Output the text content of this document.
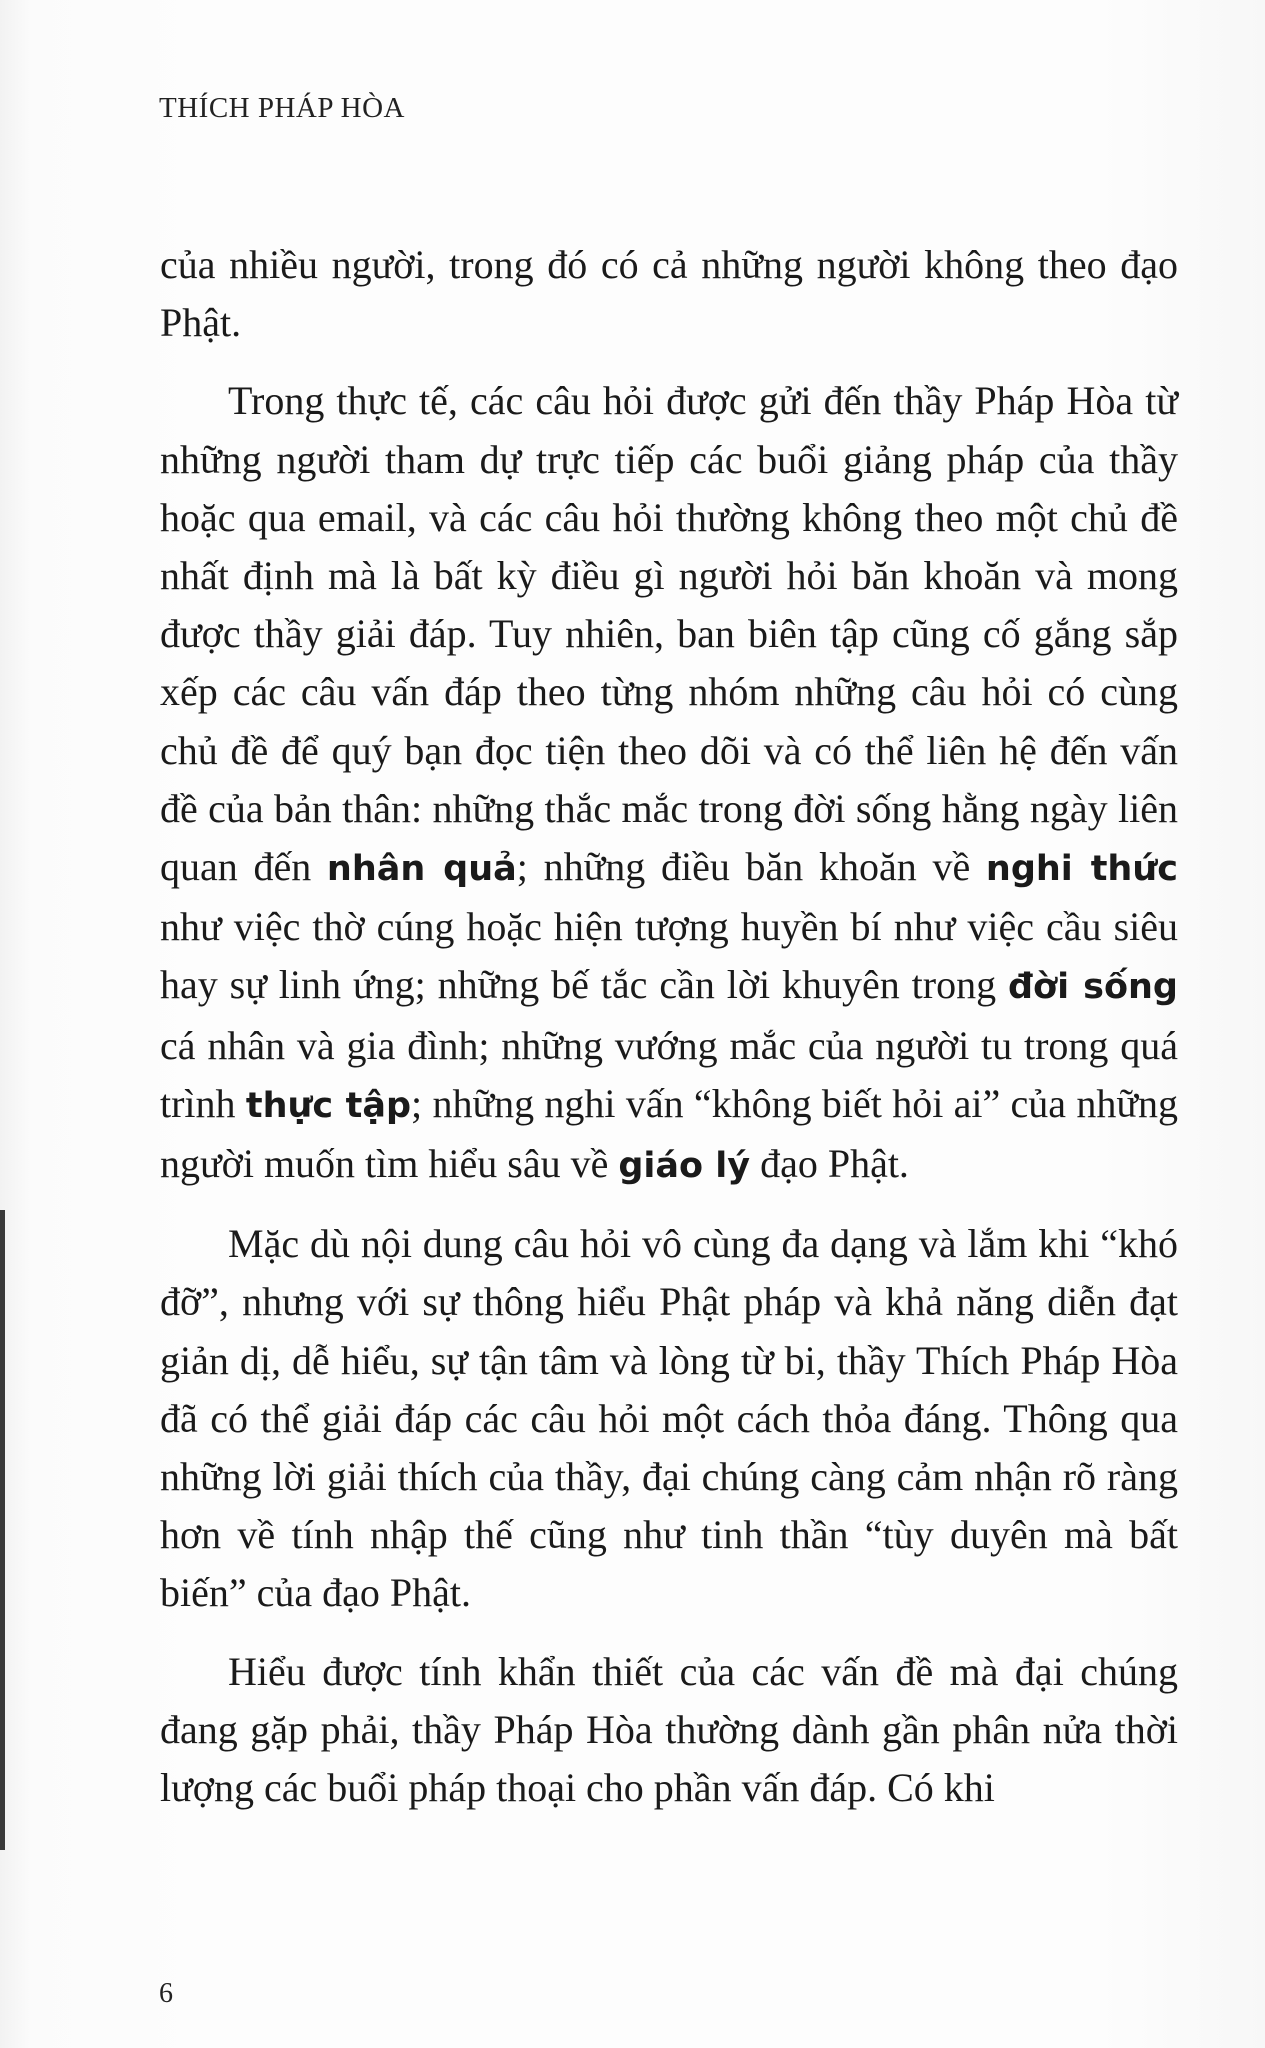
THÍCH PHÁP HÒA

của nhiều người, trong đó có cả những người không theo đạo Phật.

Trong thực tế, các câu hỏi được gửi đến thầy Pháp Hòa từ những người tham dự trực tiếp các buổi giảng pháp của thầy hoặc qua email, và các câu hỏi thường không theo một chủ đề nhất định mà là bất kỳ điều gì người hỏi băn khoăn và mong được thầy giải đáp. Tuy nhiên, ban biên tập cũng cố gắng sắp xếp các câu vấn đáp theo từng nhóm những câu hỏi có cùng chủ đề để quý bạn đọc tiện theo dõi và có thể liên hệ đến vấn đề của bản thân: những thắc mắc trong đời sống hằng ngày liên quan đến nhân quả; những điều băn khoăn về nghi thức như việc thờ cúng hoặc hiện tượng huyền bí như việc cầu siêu hay sự linh ứng; những bế tắc cần lời khuyên trong đời sống cá nhân và gia đình; những vướng mắc của người tu trong quá trình thực tập; những nghi vấn “không biết hỏi ai” của những người muốn tìm hiểu sâu về giáo lý đạo Phật.

Mặc dù nội dung câu hỏi vô cùng đa dạng và lắm khi “khó đỡ”, nhưng với sự thông hiểu Phật pháp và khả năng diễn đạt giản dị, dễ hiểu, sự tận tâm và lòng từ bi, thầy Thích Pháp Hòa đã có thể giải đáp các câu hỏi một cách thỏa đáng. Thông qua những lời giải thích của thầy, đại chúng càng cảm nhận rõ ràng hơn về tính nhập thế cũng như tinh thần “tùy duyên mà bất biến” của đạo Phật.

Hiểu được tính khẩn thiết của các vấn đề mà đại chúng đang gặp phải, thầy Pháp Hòa thường dành gần phân nửa thời lượng các buổi pháp thoại cho phần vấn đáp. Có khi

6
